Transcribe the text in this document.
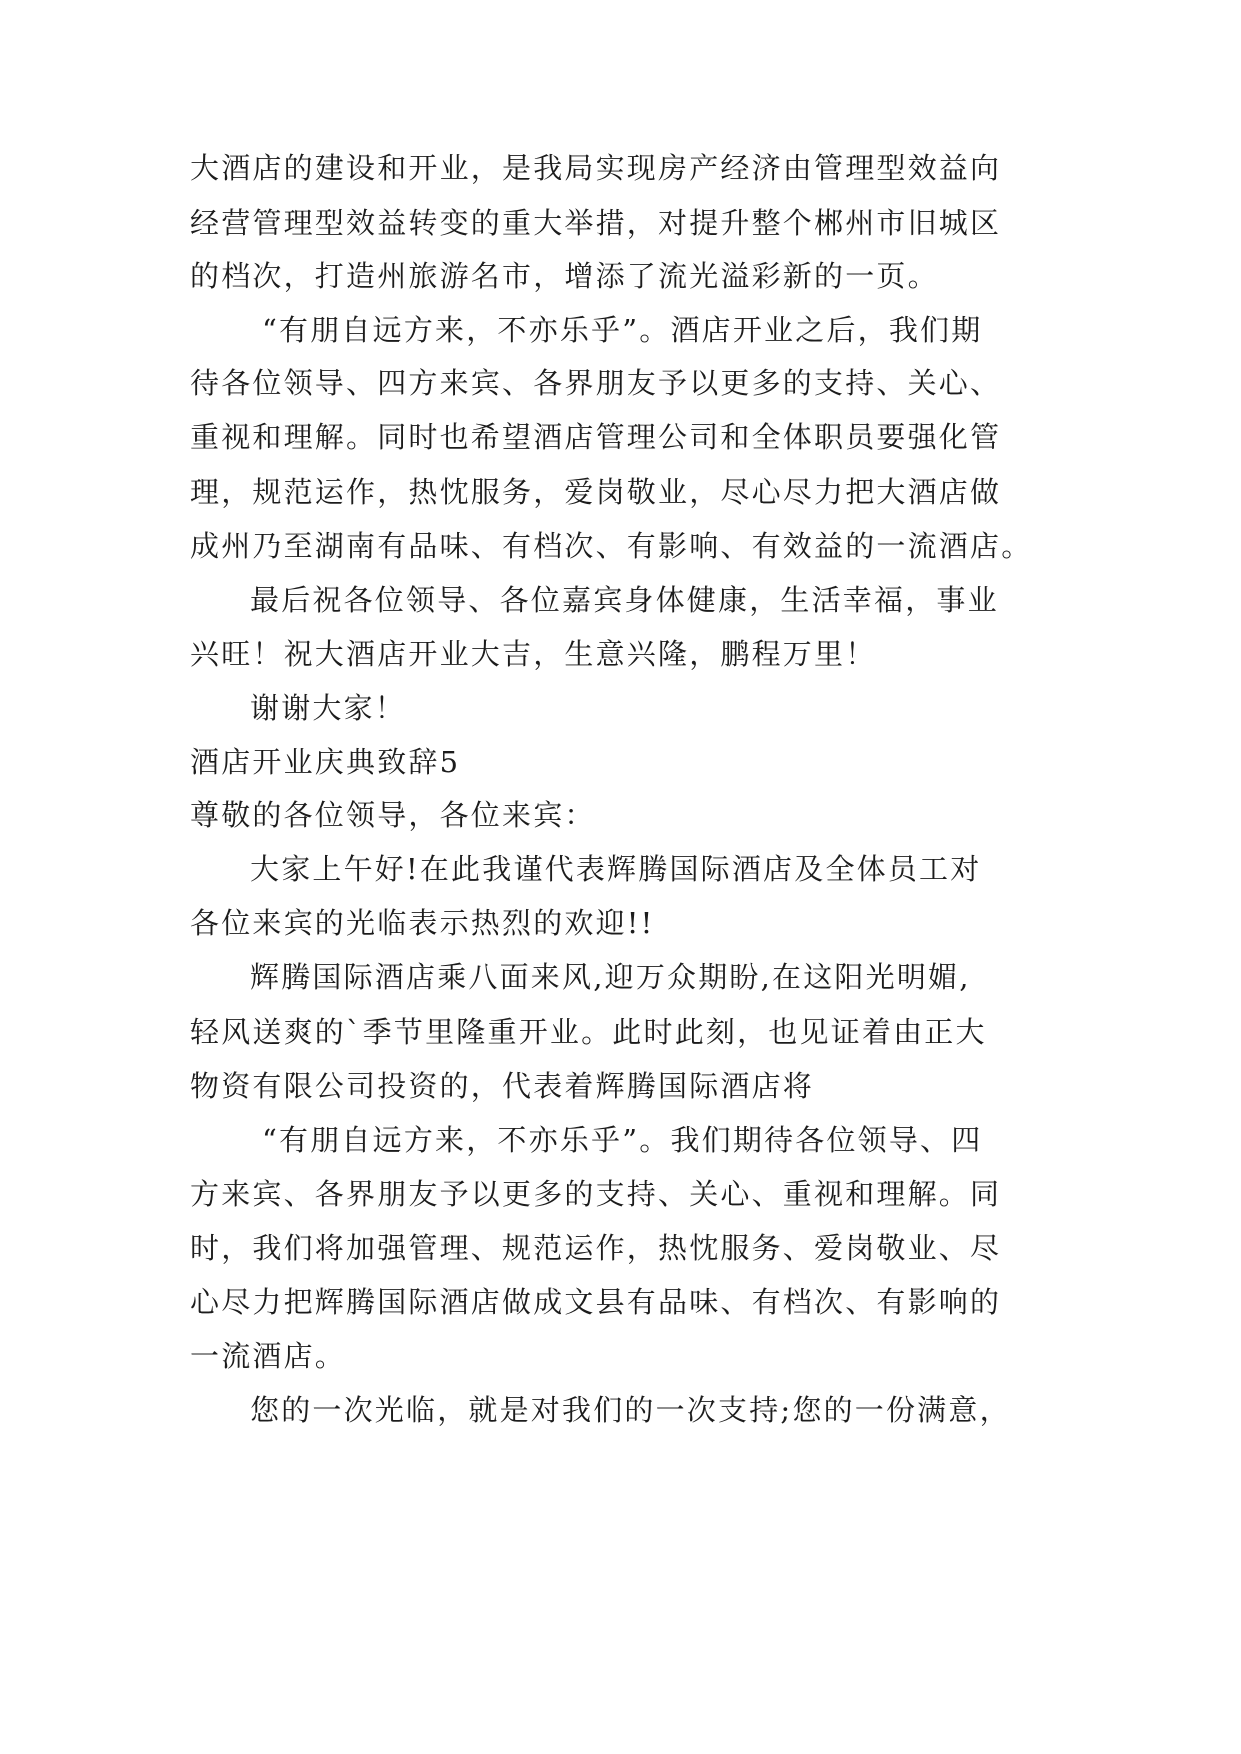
大酒店的建设和开业，是我局实现房产经济由管理型效益向

经营管理型效益转变的重大举措，对提升整个郴州市旧城区

的档次，打造州旅游名市，增添了流光溢彩新的一页。

“有朋自远方来，不亦乐乎”。酒店开业之后，我们期

待各位领导、四方来宾、各界朋友予以更多的支持、关心、

重视和理解。同时也希望酒店管理公司和全体职员要强化管

理，规范运作，热忱服务，爱岗敬业，尽心尽力把大酒店做

成州乃至湖南有品味、有档次、有影响、有效益的一流酒店。

最后祝各位领导、各位嘉宾身体健康，生活幸福，事业

兴旺！祝大酒店开业大吉，生意兴隆，鹏程万里！

谢谢大家！

酒店开业庆典致辞5

尊敬的各位领导，各位来宾：

大家上午好!在此我谨代表辉腾国际酒店及全体员工对

各位来宾的光临表示热烈的欢迎!!

辉腾国际酒店乘八面来风,迎万众期盼,在这阳光明媚,

轻风送爽的`季节里隆重开业。此时此刻，也见证着由正大

物资有限公司投资的，代表着辉腾国际酒店将

“有朋自远方来，不亦乐乎”。我们期待各位领导、四

方来宾、各界朋友予以更多的支持、关心、重视和理解。同

时，我们将加强管理、规范运作，热忱服务、爱岗敬业、尽

心尽力把辉腾国际酒店做成文县有品味、有档次、有影响的

一流酒店。

您的一次光临，就是对我们的一次支持;您的一份满意，
